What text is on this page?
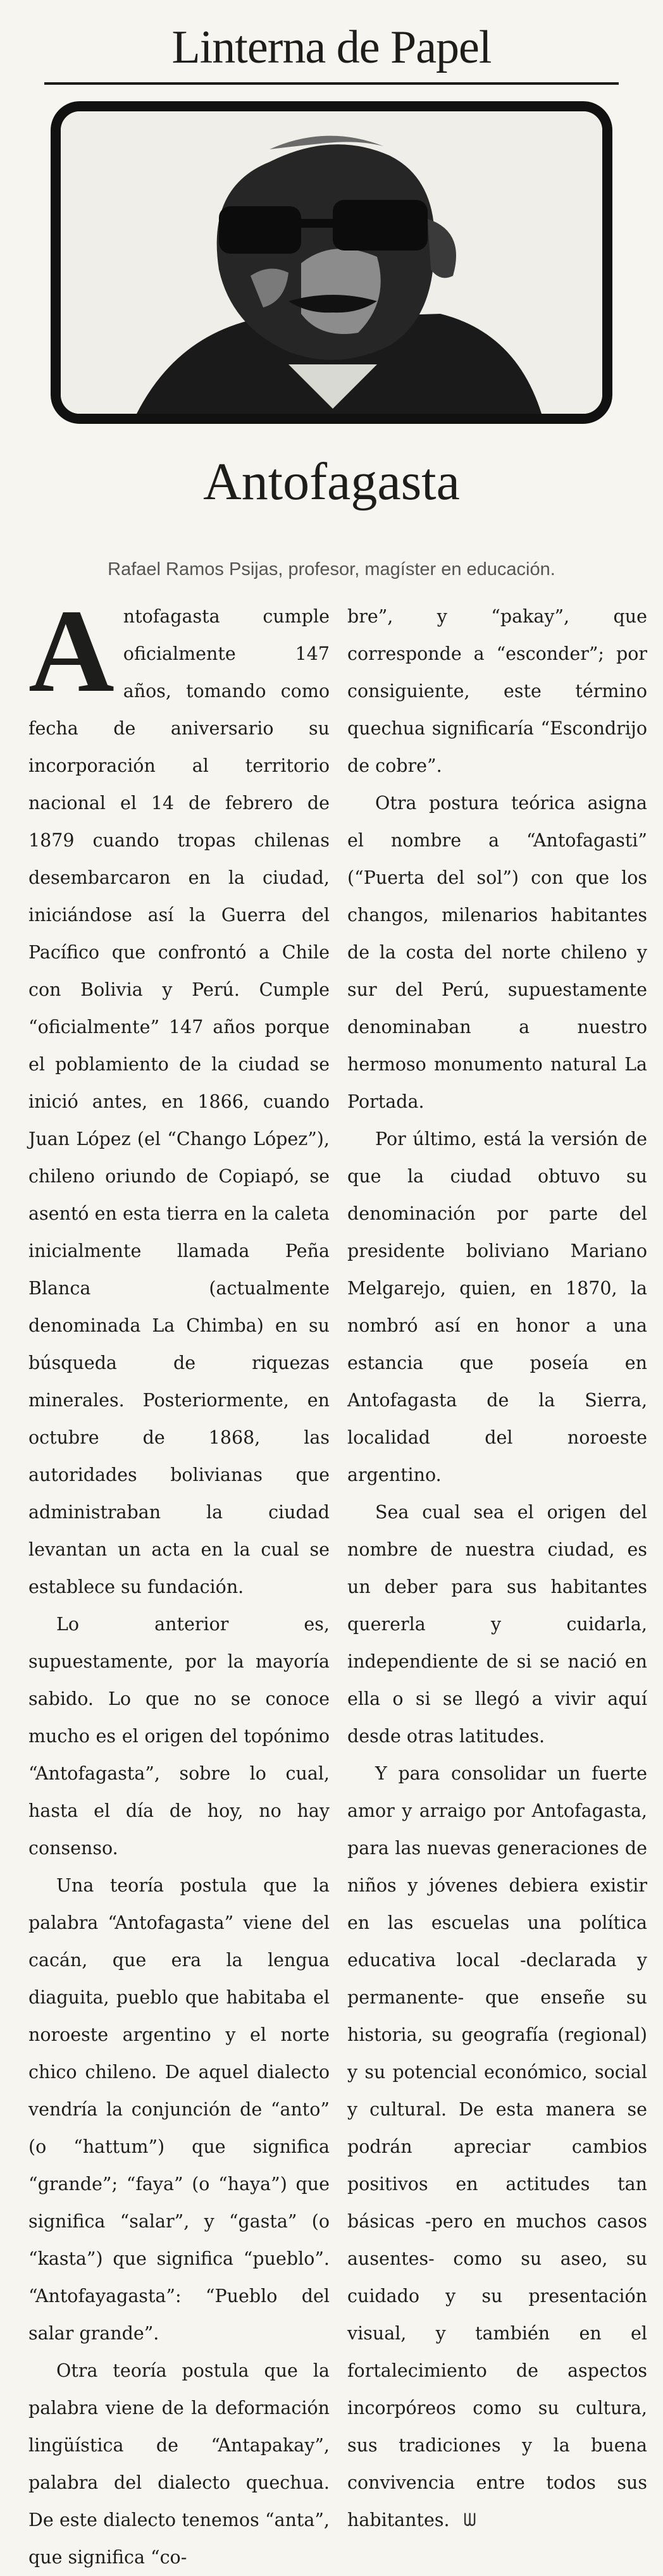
Linterna de Papel
Antofagasta
Rafael Ramos Psijas, profesor, magíster en educación.

Antofagasta cumple oficialmente 147 años, tomando como fecha de aniversario su incorporación al territorio nacional el 14 de febrero de 1879 cuando tropas chilenas desembarcaron en la ciudad, iniciándose así la Guerra del Pacífico que confrontó a Chile con Bolivia y Perú. Cumple “oficialmente” 147 años porque el poblamiento de la ciudad se inició antes, en 1866, cuando Juan López (el “Chango López”), chileno oriundo de Copiapó, se asentó en esta tierra en la caleta inicialmente llamada Peña Blanca (actualmente denominada La Chimba) en su búsqueda de riquezas minerales. Posteriormente, en octubre de 1868, las autoridades bolivianas que administraban la ciudad levantan un acta en la cual se establece su fundación.

Lo anterior es, supuestamente, por la mayoría sabido. Lo que no se conoce mucho es el origen del topónimo “Antofagasta”, sobre lo cual, hasta el día de hoy, no hay consenso.

Una teoría postula que la palabra “Antofagasta” viene del cacán, que era la lengua diaguita, pueblo que habitaba el noroeste argentino y el norte chico chileno. De aquel dialecto vendría la conjunción de “anto” (o “hattum”) que significa “grande”; “faya” (o “haya”) que significa “salar”, y “gasta” (o “kasta”) que significa “pueblo”. “Antofayagasta”: “Pueblo del salar grande”.

Otra teoría postula que la palabra viene de la deformación lingüística de “Antapakay”, palabra del dialecto quechua. De este dialecto tenemos “anta”, que significa “co-

bre”, y “pakay”, que corresponde a “esconder”; por consiguiente, este término quechua significaría “Escondrijo de cobre”.

Otra postura teórica asigna el nombre a “Antofagasti” (“Puerta del sol”) con que los changos, milenarios habitantes de la costa del norte chileno y sur del Perú, supuestamente denominaban a nuestro hermoso monumento natural La Portada.

Por último, está la versión de que la ciudad obtuvo su denominación por parte del presidente boliviano Mariano Melgarejo, quien, en 1870, la nombró así en honor a una estancia que poseía en Antofagasta de la Sierra, localidad del noroeste argentino.

Sea cual sea el origen del nombre de nuestra ciudad, es un deber para sus habitantes quererla y cuidarla, independiente de si se nació en ella o si se llegó a vivir aquí desde otras latitudes.

Y para consolidar un fuerte amor y arraigo por Antofagasta, para las nuevas generaciones de niños y jóvenes debiera existir en las escuelas una política educativa local -declarada y permanente- que enseñe su historia, su geografía (regional) y su potencial económico, social y cultural. De esta manera se podrán apreciar cambios positivos en actitudes tan básicas -pero en muchos casos ausentes- como su aseo, su cuidado y su presentación visual, y también en el fortalecimiento de aspectos incorpóreos como su cultura, sus tradiciones y la buena convivencia entre todos sus habitantes. ᗯ
